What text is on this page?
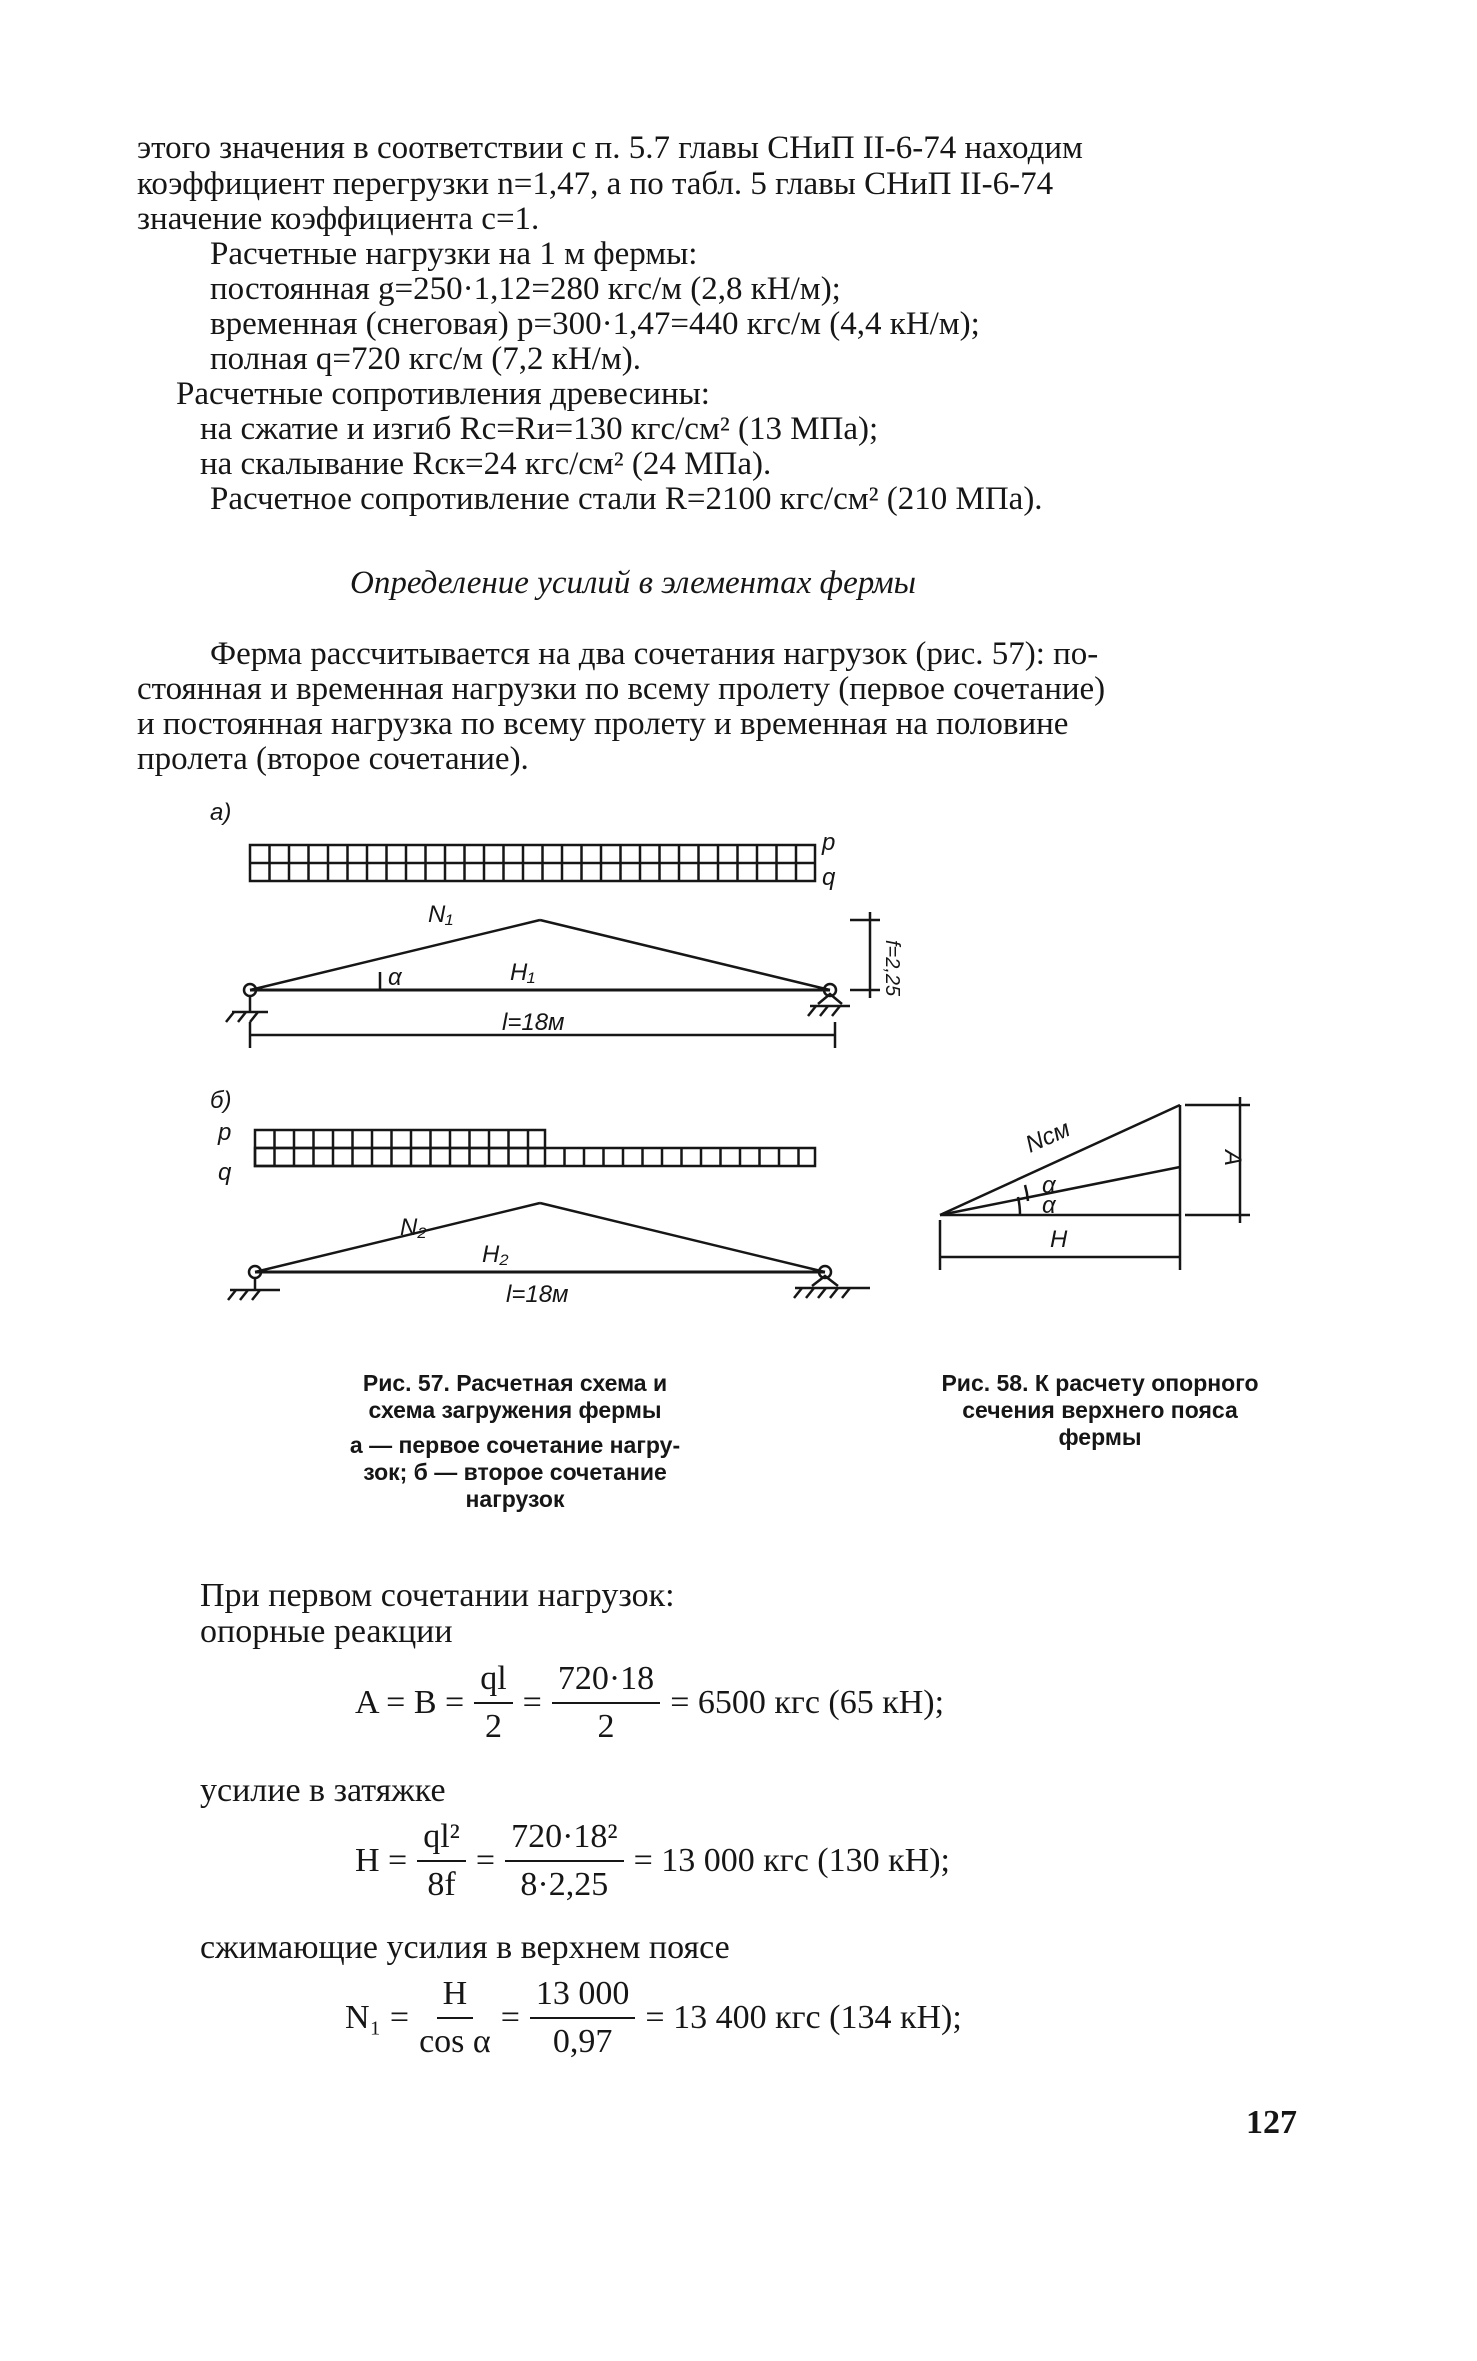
этого значения в соответствии с п. 5.7 главы СНиП II-6-74 находим
коэффициент перегрузки n=1,47, а по табл. 5 главы СНиП II-6-74
значение коэффициента c=1.
Расчетные нагрузки на 1 м фермы:
постоянная g=250·1,12=280 кгс/м (2,8 кН/м);
временная (снеговая) p=300·1,47=440 кгс/м (4,4 кН/м);
полная q=720 кгс/м (7,2 кН/м).
Расчетные сопротивления древесины:
на сжатие и изгиб Rс=Rи=130 кгс/см² (13 МПа);
на скалывание Rск=24 кгс/см² (24 МПа).
Расчетное сопротивление стали R=2100 кгс/см² (210 МПа).
Определение усилий в элементах фермы
Ферма рассчитывается на два сочетания нагрузок (рис. 57): по-
стоянная и временная нагрузки по всему пролету (первое сочетание)
и постоянная нагрузка по всему пролету и временная на половине
пролета (второе сочетание).
а)
p
q
N₁
α	H₁	f=2,25
l=18м
б)
p
q
N₂
H₂
l=18м
Nсм
α
α
A
H
Рис. 57. Расчетная схема и
схема загружения фермы
а — первое сочетание нагру-
зок; б — второе сочетание
нагрузок
Рис. 58. К расчету опорного
сечения верхнего пояса
фермы
При первом сочетании нагрузок:
опорные реакции
$A = B = \frac{ql}{2} = \frac{720\cdot 18}{2} = 6500$ кгс (65 кН);
усилие в затяжке
$H = \frac{\text{ql²}}{8f} = \frac{\text{720·18²}}{8\cdot 2,25} = 13$ 000 кгс (130 кН);
сжимающие усилия в верхнем поясе
$N_1 = \frac{H}{\text{cos α}} = \frac{13 000}{0,97} = 13$ 400 кгс (134 кН);
127
